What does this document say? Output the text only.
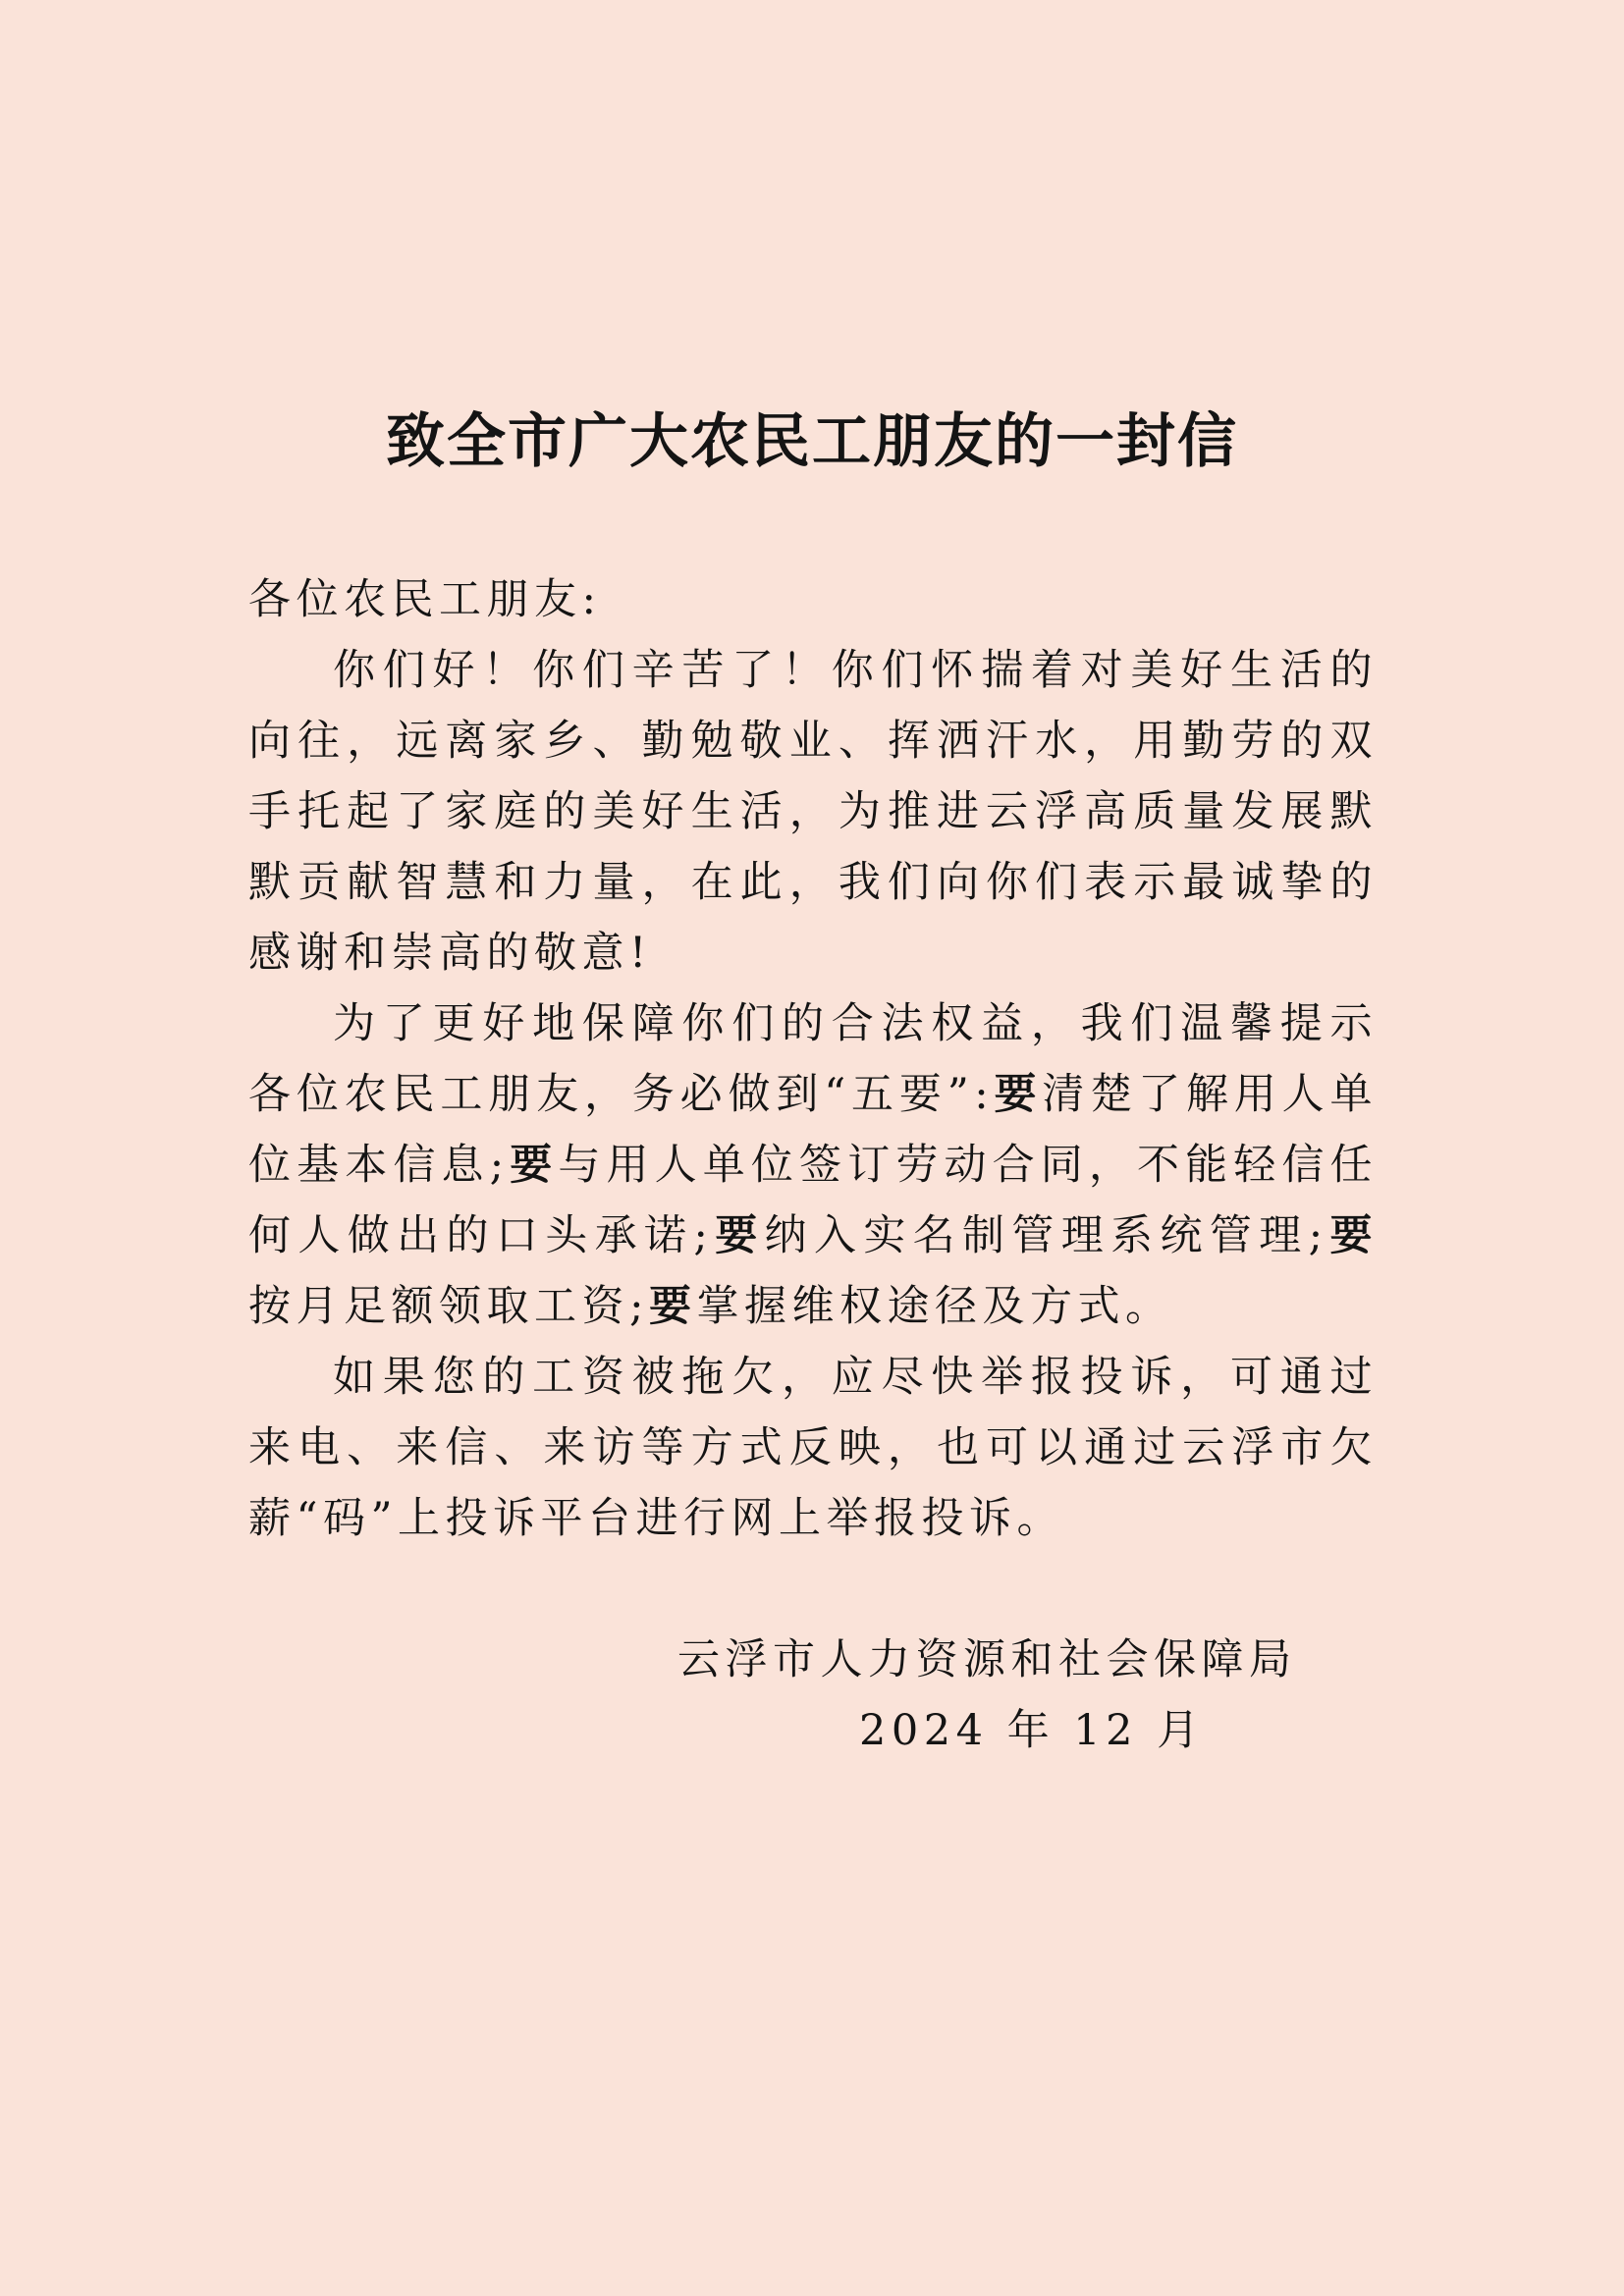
致全市广大农民工朋友的一封信

各位农民工朋友:

你们好！你们辛苦了！你们怀揣着对美好生活的向往，远离家乡、勤勉敬业、挥洒汗水，用勤劳的双手托起了家庭的美好生活，为推进云浮高质量发展默默贡献智慧和力量，在此，我们向你们表示最诚挚的感谢和崇高的敬意!

为了更好地保障你们的合法权益，我们温馨提示各位农民工朋友，务必做到“五要”:要清楚了解用人单位基本信息;要与用人单位签订劳动合同，不能轻信任何人做出的口头承诺;要纳入实名制管理系统管理;要按月足额领取工资;要掌握维权途径及方式。

如果您的工资被拖欠，应尽快举报投诉，可通过来电、来信、来访等方式反映，也可以通过云浮市欠薪“码”上投诉平台进行网上举报投诉。

云浮市人力资源和社会保障局

2024 年 12 月
